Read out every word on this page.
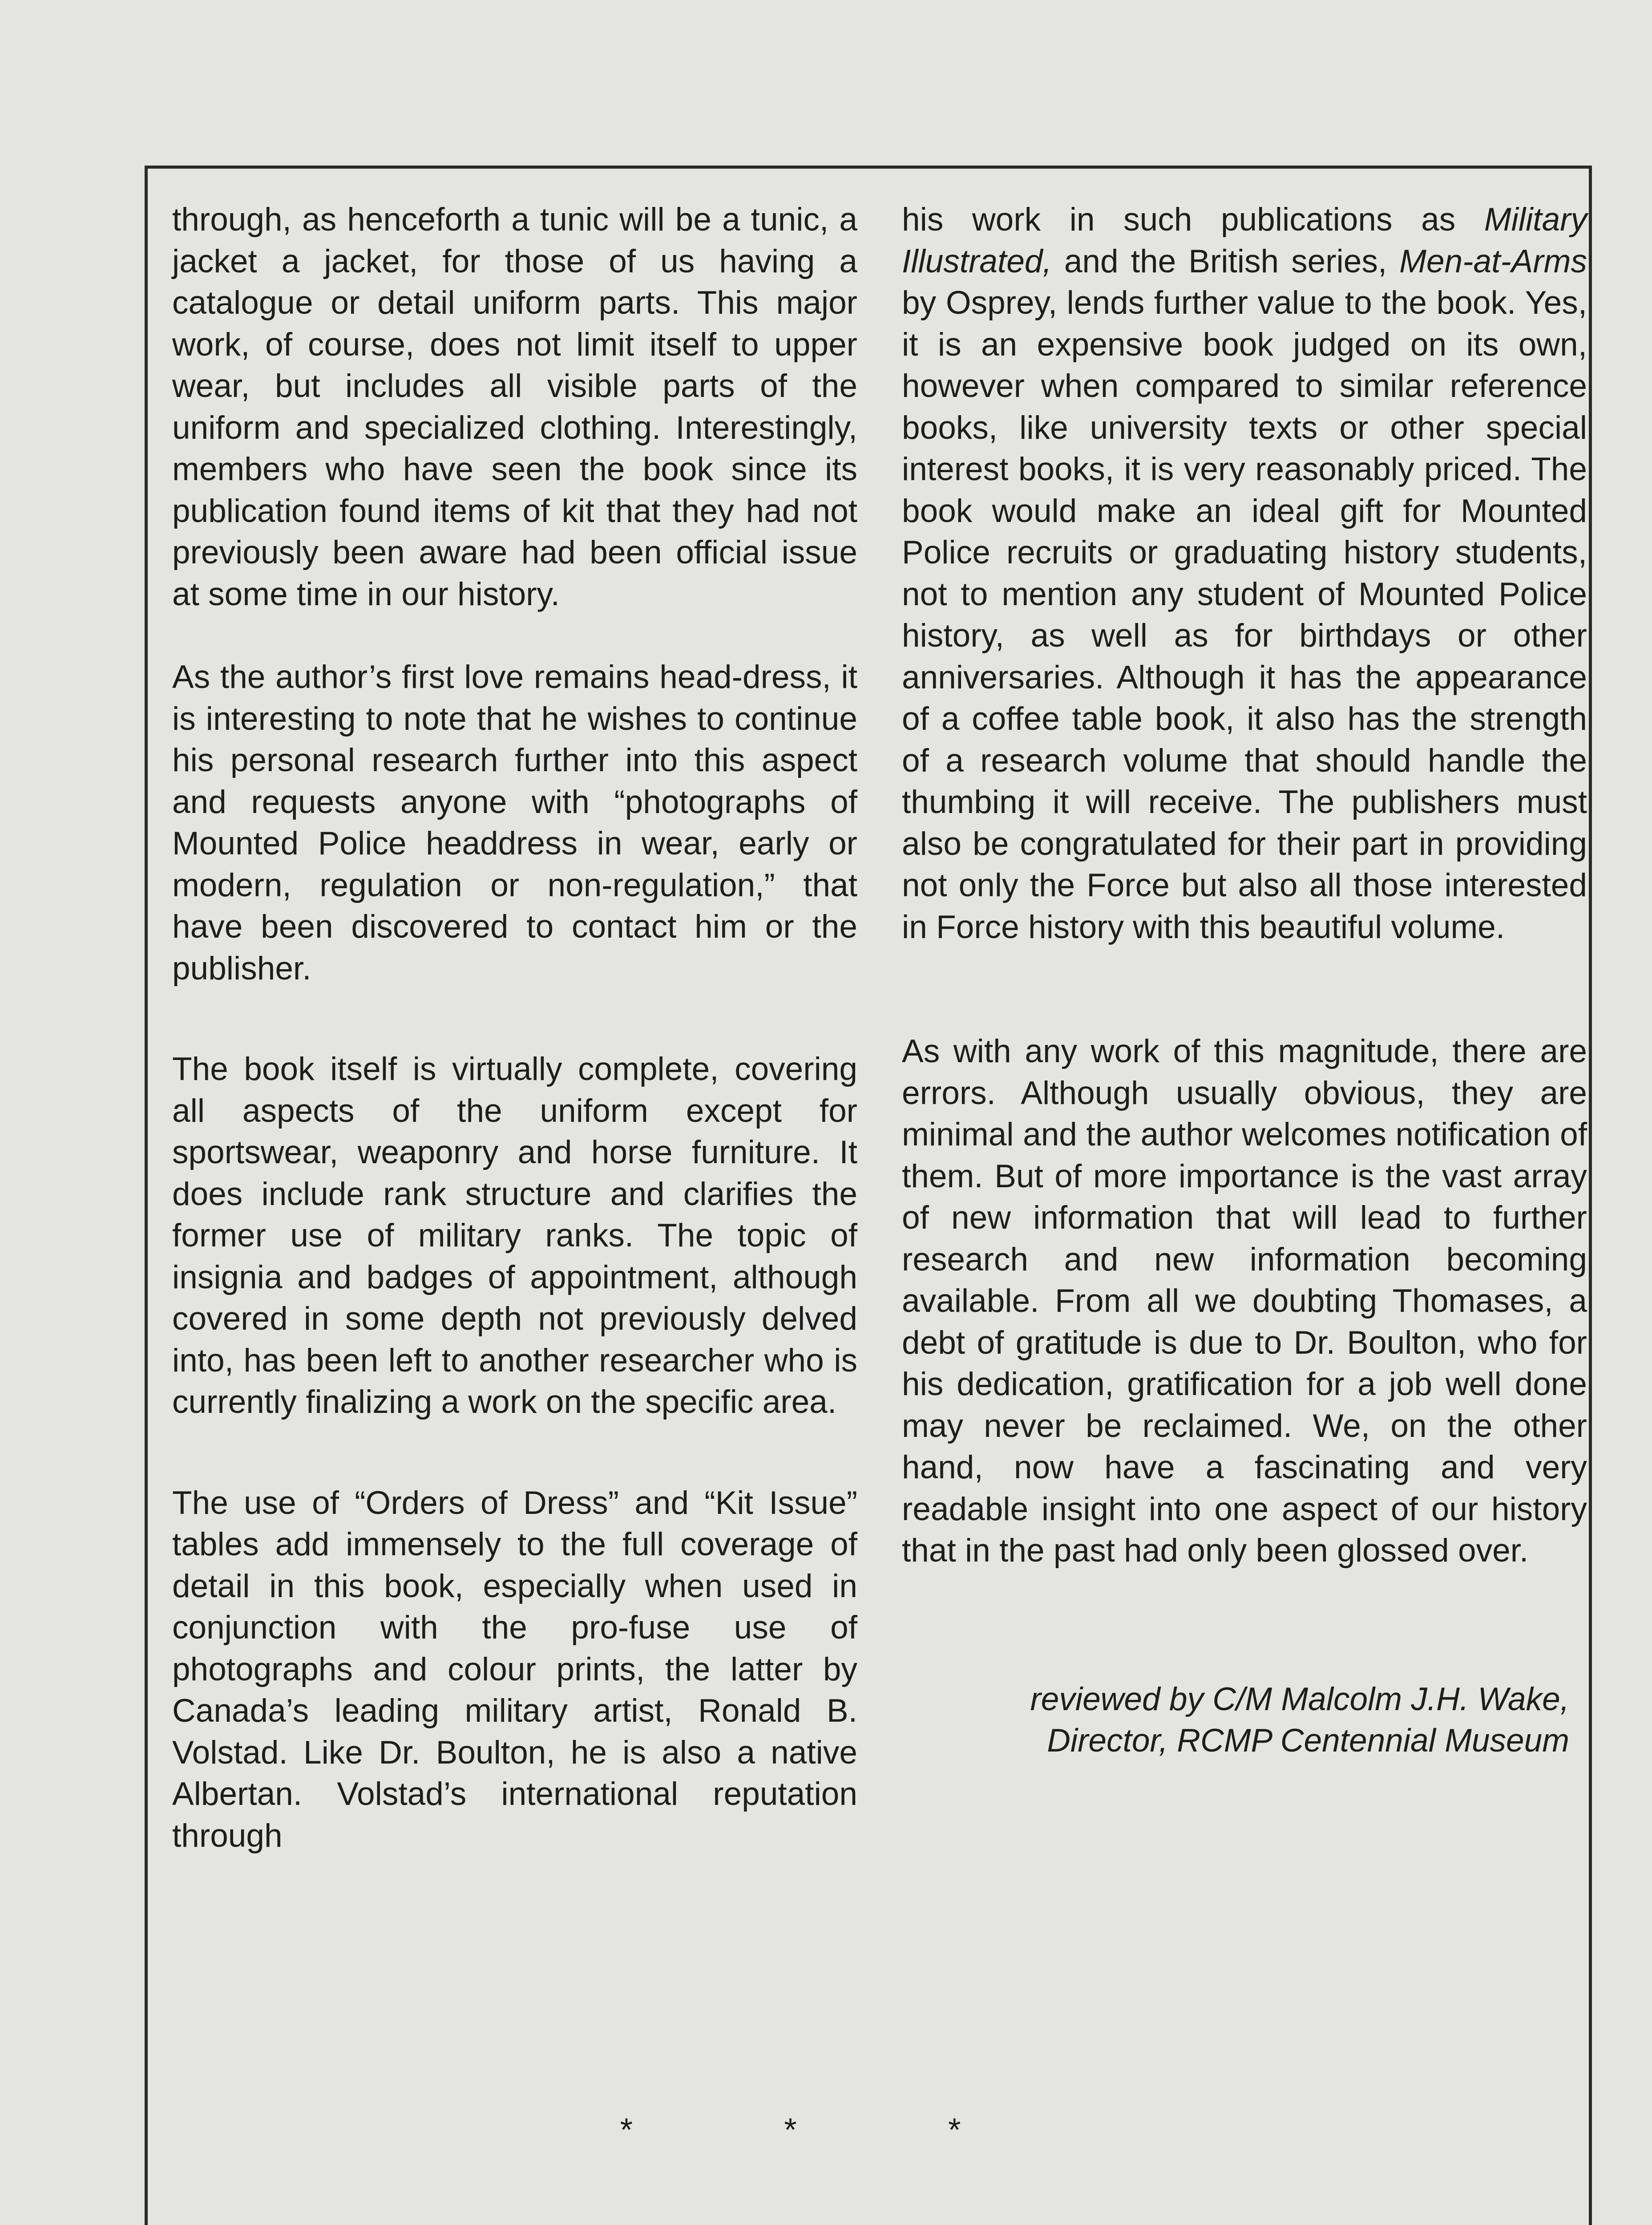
through, as henceforth a tunic will be a tunic, a jacket a jacket, for those of us having a catalogue or detail uniform parts. This major work, of course, does not limit itself to upper wear, but includes all visible parts of the uniform and specialized clothing. Interestingly, members who have seen the book since its publication found items of kit that they had not previously been aware had been official issue at some time in our history.

As the author’s first love remains head-dress, it is interesting to note that he wishes to continue his personal research further into this aspect and requests anyone with “photographs of Mounted Police headdress in wear, early or modern, regulation or non-regulation,” that have been discovered to contact him or the publisher.

The book itself is virtually complete, covering all aspects of the uniform except for sportswear, weaponry and horse furniture. It does include rank structure and clarifies the former use of military ranks. The topic of insignia and badges of appointment, although covered in some depth not previously delved into, has been left to another researcher who is currently finalizing a work on the specific area.

The use of “Orders of Dress” and “Kit Issue” tables add immensely to the full coverage of detail in this book, especially when used in conjunction with the pro-fuse use of photographs and colour prints, the latter by Canada’s leading military artist, Ronald B. Volstad. Like Dr. Boulton, he is also a native Albertan. Volstad’s international reputation through

his work in such publications as Military Illustrated, and the British series, Men-at-Arms by Osprey, lends further value to the book. Yes, it is an expensive book judged on its own, however when compared to similar reference books, like university texts or other special interest books, it is very reasonably priced. The book would make an ideal gift for Mounted Police recruits or graduating history students, not to mention any student of Mounted Police history, as well as for birthdays or other anniversaries. Although it has the appearance of a coffee table book, it also has the strength of a research volume that should handle the thumbing it will receive. The publishers must also be congratulated for their part in providing not only the Force but also all those interested in Force history with this beautiful volume.

As with any work of this magnitude, there are errors. Although usually obvious, they are minimal and the author welcomes notification of them. But of more importance is the vast array of new information that will lead to further research and new information becoming available. From all we doubting Thomases, a debt of gratitude is due to Dr. Boulton, who for his dedication, gratification for a job well done may never be reclaimed. We, on the other hand, now have a fascinating and very readable insight into one aspect of our history that in the past had only been glossed over.

reviewed by C/M Malcolm J.H. Wake,
Director, RCMP Centennial Museum
* * *
